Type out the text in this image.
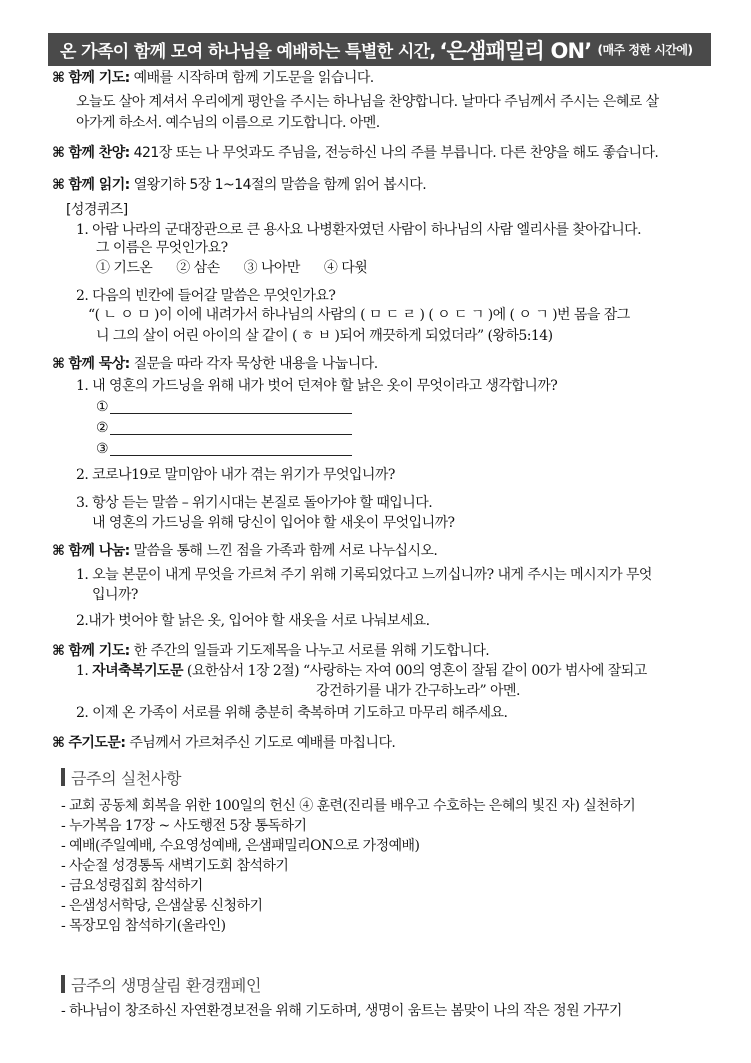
온 가족이 함께 모여 하나님을 예배하는 특별한 시간, ‘은샘패밀리 ON’ (매주 정한 시간에)
⌘ 함께 기도: 예배를 시작하며 함께 기도문을 읽습니다.
오늘도 살아 계셔서 우리에게 평안을 주시는 하나님을 찬양합니다. 날마다 주님께서 주시는 은혜로 살
아가게 하소서. 예수님의 이름으로 기도합니다. 아멘.
⌘ 함께 찬양: 421장 또는 나 무엇과도 주님을, 전능하신 나의 주를 부릅니다. 다른 찬양을 해도 좋습니다.
⌘ 함께 읽기: 열왕기하 5장 1~14절의 말씀을 함께 읽어 봅시다.
[성경퀴즈]
1. 아람 나라의 군대장관으로 큰 용사요 나병환자였던 사람이 하나님의 사람 엘리사를 찾아갑니다.
그 이름은 무엇인가요?
① 기드온 ② 삼손 ③ 나아만 ④ 다윗
2. 다음의 빈칸에 들어갈 말씀은 무엇인가요?
“( ㄴ ㅇ ㅁ )이 이에 내려가서 하나님의 사람의 ( ㅁ ㄷ ㄹ ) ( ㅇ ㄷ ㄱ )에 ( ㅇ ㄱ )번 몸을 잠그
니 그의 살이 어린 아이의 살 같이 ( ㅎ ㅂ )되어 깨끗하게 되었더라” (왕하5:14)
⌘ 함께 묵상: 질문을 따라 각자 묵상한 내용을 나눕니다.
1. 내 영혼의 가드닝을 위해 내가 벗어 던져야 할 낡은 옷이 무엇이라고 생각합니까?
①
②
③
2. 코로나19로 말미암아 내가 겪는 위기가 무엇입니까?
3. 항상 듣는 말씀 – 위기시대는 본질로 돌아가야 할 때입니다.
내 영혼의 가드닝을 위해 당신이 입어야 할 새옷이 무엇입니까?
⌘ 함께 나눔: 말씀을 통해 느낀 점을 가족과 함께 서로 나누십시오.
1. 오늘 본문이 내게 무엇을 가르쳐 주기 위해 기록되었다고 느끼십니까? 내게 주시는 메시지가 무엇
입니까?
2.내가 벗어야 할 낡은 옷, 입어야 할 새옷을 서로 나눠보세요.
⌘ 함께 기도: 한 주간의 일들과 기도제목을 나누고 서로를 위해 기도합니다.
1. 자녀축복기도문 (요한삼서 1장 2절) “사랑하는 자여 00의 영혼이 잘됨 같이 00가 범사에 잘되고
강건하기를 내가 간구하노라” 아멘.
2. 이제 온 가족이 서로를 위해 충분히 축복하며 기도하고 마무리 해주세요.
⌘ 주기도문: 주님께서 가르쳐주신 기도로 예배를 마칩니다.
금주의 실천사항
- 교회 공동체 회복을 위한 100일의 헌신 ④ 훈련(진리를 배우고 수호하는 은혜의 빛진 자) 실천하기
- 누가복음 17장 ~ 사도행전 5장 통독하기
- 예배(주일예배, 수요영성예배, 은샘패밀리ON으로 가정예배)
- 사순절 성경통독 새벽기도회 참석하기
- 금요성령집회 참석하기
- 은샘성서학당, 은샘살롱 신청하기
- 목장모임 참석하기(올라인)
금주의 생명살림 환경캠페인
- 하나님이 창조하신 자연환경보전을 위해 기도하며, 생명이 움트는 봄맞이 나의 작은 정원 가꾸기
